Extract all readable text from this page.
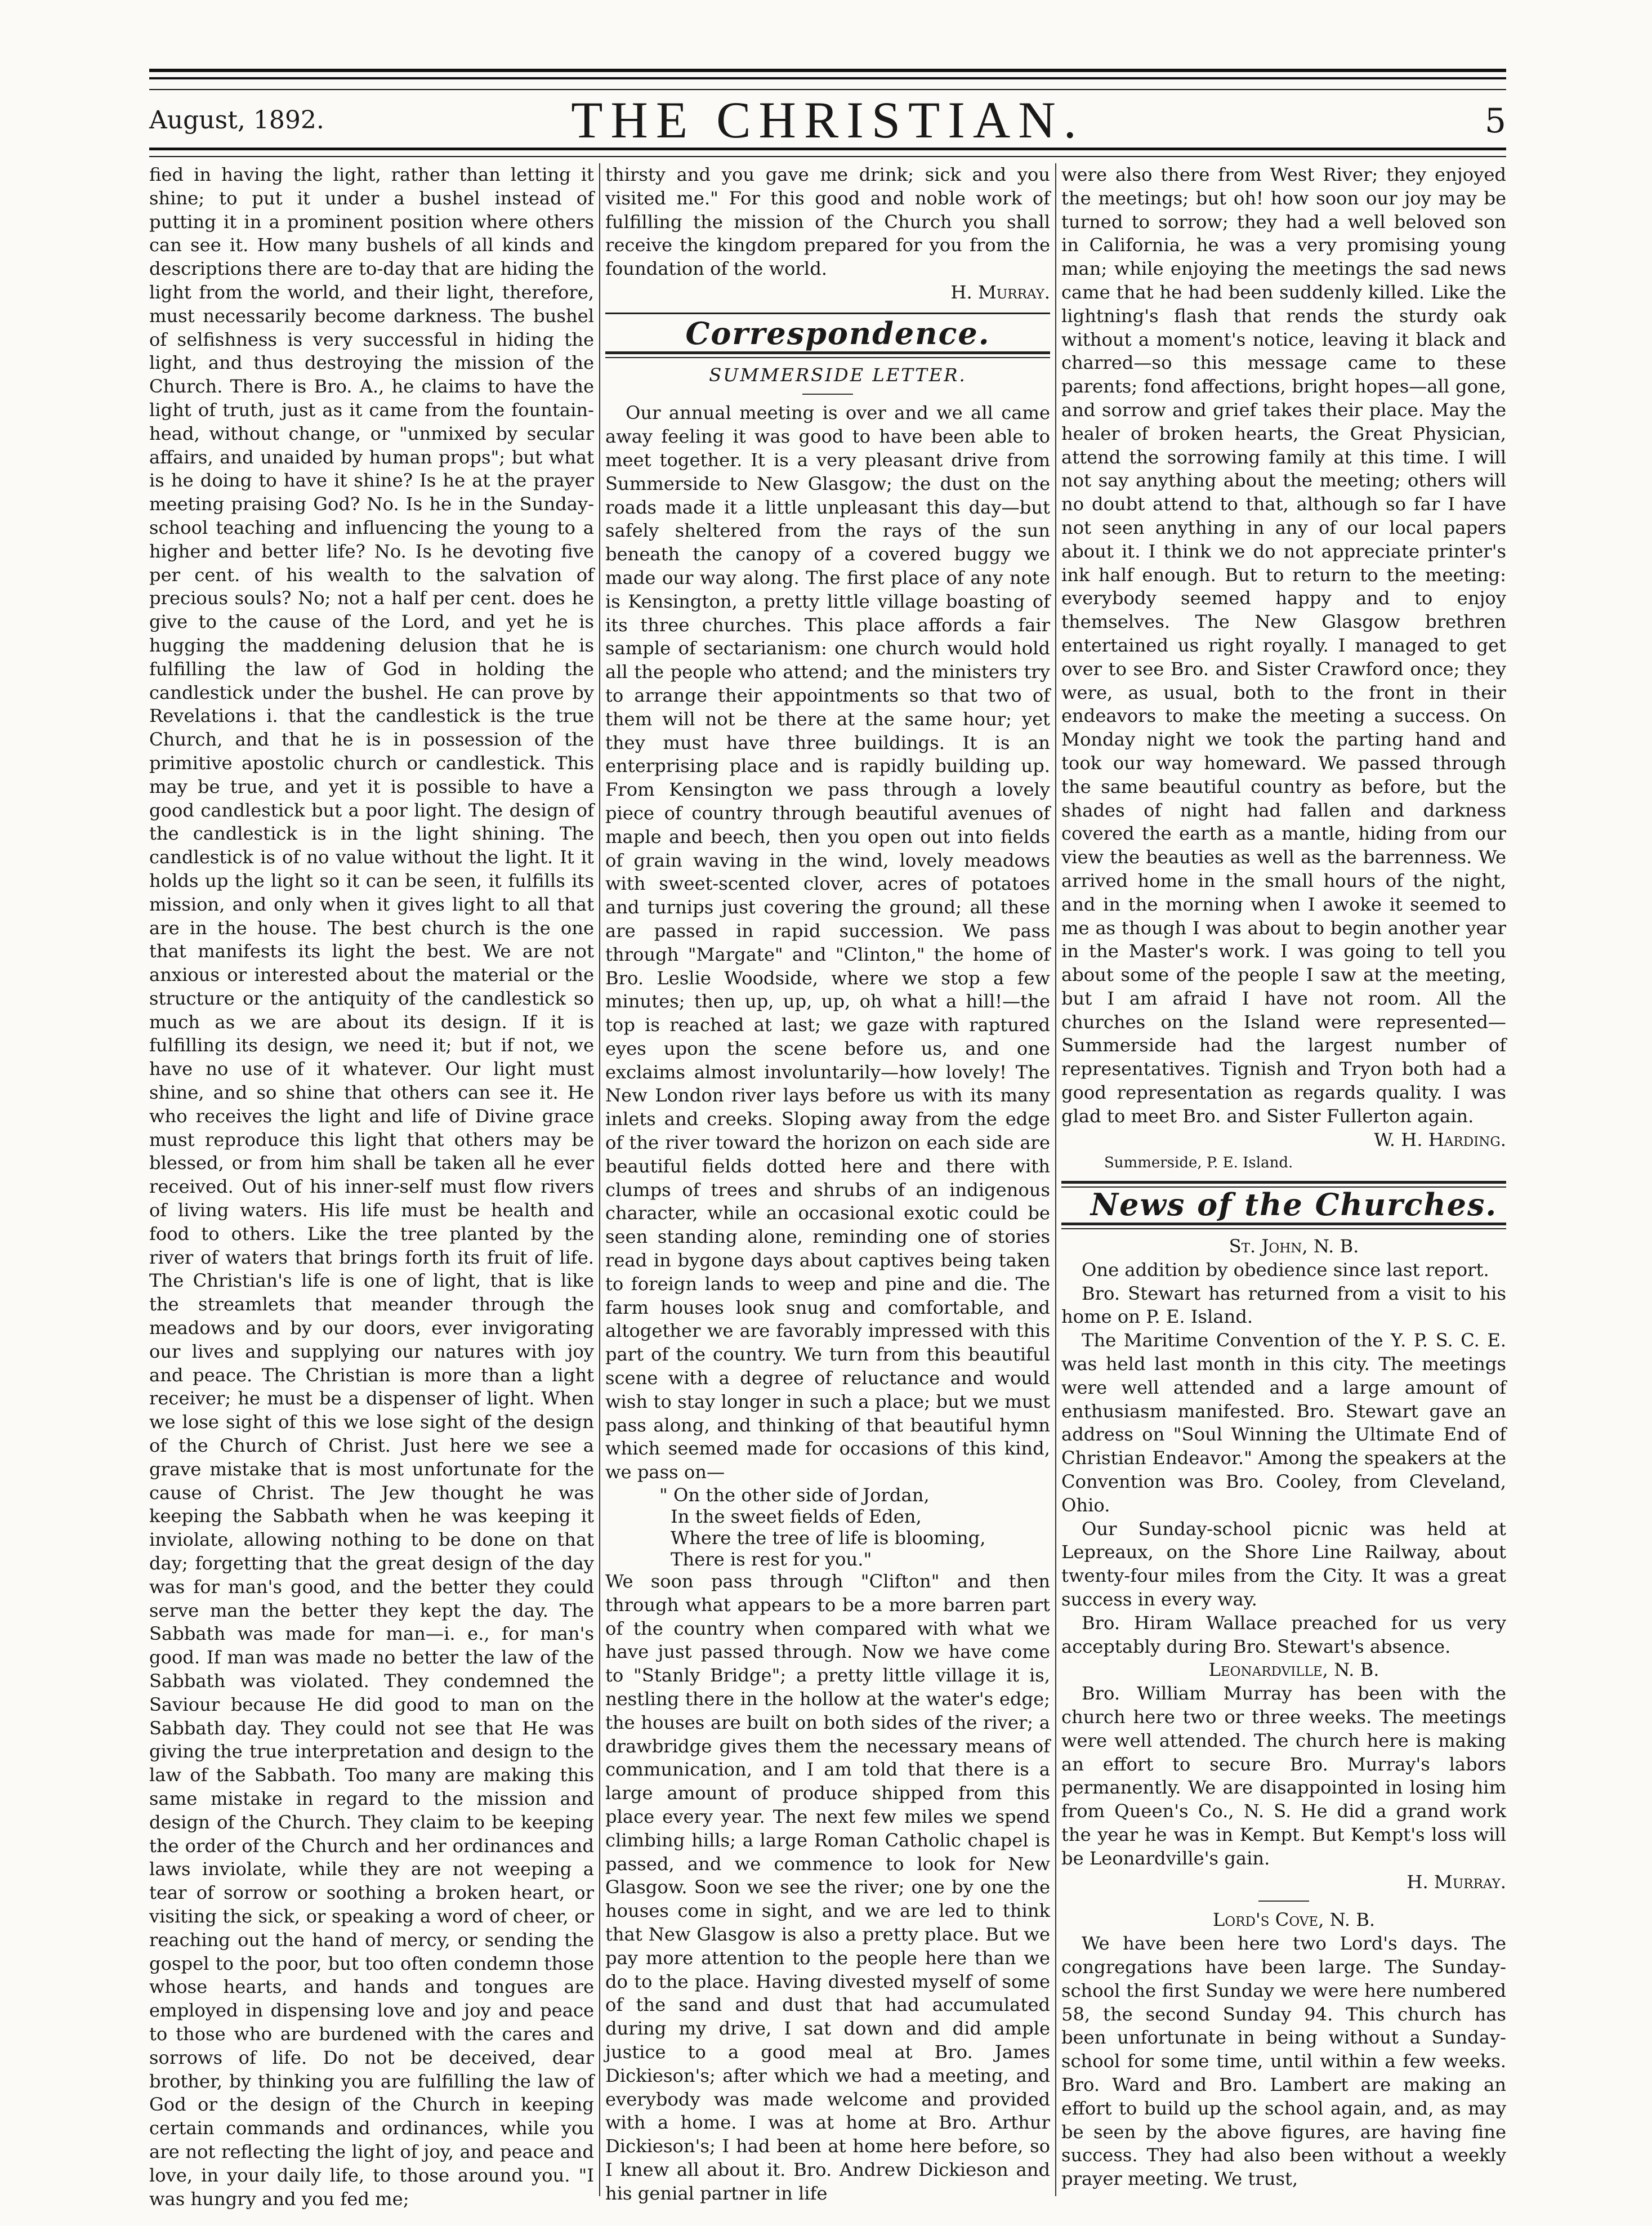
August, 1892.	THE CHRISTIAN.	5

fied in having the light, rather than letting it shine; to put it under a bushel instead of putting it in a prominent position where others can see it. How many bushels of all kinds and descriptions there are to-day that are hiding the light from the world, and their light, therefore, must necessarily become darkness. The bushel of selfishness is very successful in hiding the light, and thus destroying the mission of the Church. There is Bro. A., he claims to have the light of truth, just as it came from the fountain-head, without change, or "unmixed by secular affairs, and unaided by human props"; but what is he doing to have it shine? Is he at the prayer meeting praising God? No. Is he in the Sunday-school teaching and influencing the young to a higher and better life? No. Is he devoting five per cent. of his wealth to the salvation of precious souls? No; not a half per cent. does he give to the cause of the Lord, and yet he is hugging the maddening delusion that he is fulfilling the law of God in holding the candlestick under the bushel. He can prove by Revelations i. that the candlestick is the true Church, and that he is in possession of the primitive apostolic church or candlestick. This may be true, and yet it is possible to have a good candlestick but a poor light. The design of the candlestick is in the light shining. The candlestick is of no value without the light. It it holds up the light so it can be seen, it fulfills its mission, and only when it gives light to all that are in the house. The best church is the one that manifests its light the best. We are not anxious or interested about the material or the structure or the antiquity of the candlestick so much as we are about its design. If it is fulfilling its design, we need it; but if not, we have no use of it whatever. Our light must shine, and so shine that others can see it. He who receives the light and life of Divine grace must reproduce this light that others may be blessed, or from him shall be taken all he ever received. Out of his inner-self must flow rivers of living waters. His life must be health and food to others. Like the tree planted by the river of waters that brings forth its fruit of life. The Christian's life is one of light, that is like the streamlets that meander through the meadows and by our doors, ever invigorating our lives and supplying our natures with joy and peace. The Christian is more than a light receiver; he must be a dispenser of light. When we lose sight of this we lose sight of the design of the Church of Christ. Just here we see a grave mistake that is most unfortunate for the cause of Christ. The Jew thought he was keeping the Sabbath when he was keeping it inviolate, allowing nothing to be done on that day; forgetting that the great design of the day was for man's good, and the better they could serve man the better they kept the day. The Sabbath was made for man—i. e., for man's good. If man was made no better the law of the Sabbath was violated. They condemned the Saviour because He did good to man on the Sabbath day. They could not see that He was giving the true interpretation and design to the law of the Sabbath. Too many are making this same mistake in regard to the mission and design of the Church. They claim to be keeping the order of the Church and her ordinances and laws inviolate, while they are not weeping a tear of sorrow or soothing a broken heart, or visiting the sick, or speaking a word of cheer, or reaching out the hand of mercy, or sending the gospel to the poor, but too often condemn those whose hearts, and hands and tongues are employed in dispensing love and joy and peace to those who are burdened with the cares and sorrows of life. Do not be deceived, dear brother, by thinking you are fulfilling the law of God or the design of the Church in keeping certain commands and ordinances, while you are not reflecting the light of joy, and peace and love, in your daily life, to those around you. "I was hungry and you fed me;

thirsty and you gave me drink; sick and you visited me." For this good and noble work of fulfilling the mission of the Church you shall receive the kingdom prepared for you from the foundation of the world.

H. Murray.

Correspondence.

SUMMERSIDE LETTER.

Our annual meeting is over and we all came away feeling it was good to have been able to meet together. It is a very pleasant drive from Summerside to New Glasgow; the dust on the roads made it a little unpleasant this day—but safely sheltered from the rays of the sun beneath the canopy of a covered buggy we made our way along. The first place of any note is Kensington, a pretty little village boasting of its three churches. This place affords a fair sample of sectarianism: one church would hold all the people who attend; and the ministers try to arrange their appointments so that two of them will not be there at the same hour; yet they must have three buildings. It is an enterprising place and is rapidly building up. From Kensington we pass through a lovely piece of country through beautiful avenues of maple and beech, then you open out into fields of grain waving in the wind, lovely meadows with sweet-scented clover, acres of potatoes and turnips just covering the ground; all these are passed in rapid succession. We pass through "Margate" and "Clinton," the home of Bro. Leslie Woodside, where we stop a few minutes; then up, up, up, oh what a hill!—the top is reached at last; we gaze with raptured eyes upon the scene before us, and one exclaims almost involuntarily—how lovely! The New London river lays before us with its many inlets and creeks. Sloping away from the edge of the river toward the horizon on each side are beautiful fields dotted here and there with clumps of trees and shrubs of an indigenous character, while an occasional exotic could be seen standing alone, reminding one of stories read in bygone days about captives being taken to foreign lands to weep and pine and die. The farm houses look snug and comfortable, and altogether we are favorably impressed with this part of the country. We turn from this beautiful scene with a degree of reluctance and would wish to stay longer in such a place; but we must pass along, and thinking of that beautiful hymn which seemed made for occasions of this kind, we pass on—

" On the other side of Jordan,
In the sweet fields of Eden,
Where the tree of life is blooming,
There is rest for you."

We soon pass through "Clifton" and then through what appears to be a more barren part of the country when compared with what we have just passed through. Now we have come to "Stanly Bridge"; a pretty little village it is, nestling there in the hollow at the water's edge; the houses are built on both sides of the river; a drawbridge gives them the necessary means of communication, and I am told that there is a large amount of produce shipped from this place every year. The next few miles we spend climbing hills; a large Roman Catholic chapel is passed, and we commence to look for New Glasgow. Soon we see the river; one by one the houses come in sight, and we are led to think that New Glasgow is also a pretty place. But we pay more attention to the people here than we do to the place. Having divested myself of some of the sand and dust that had accumulated during my drive, I sat down and did ample justice to a good meal at Bro. James Dickieson's; after which we had a meeting, and everybody was made welcome and provided with a home. I was at home at Bro. Arthur Dickieson's; I had been at home here before, so I knew all about it. Bro. Andrew Dickieson and his genial partner in life

were also there from West River; they enjoyed the meetings; but oh! how soon our joy may be turned to sorrow; they had a well beloved son in California, he was a very promising young man; while enjoying the meetings the sad news came that he had been suddenly killed. Like the lightning's flash that rends the sturdy oak without a moment's notice, leaving it black and charred—so this message came to these parents; fond affections, bright hopes—all gone, and sorrow and grief takes their place. May the healer of broken hearts, the Great Physician, attend the sorrowing family at this time. I will not say anything about the meeting; others will no doubt attend to that, although so far I have not seen anything in any of our local papers about it. I think we do not appreciate printer's ink half enough. But to return to the meeting: everybody seemed happy and to enjoy themselves. The New Glasgow brethren entertained us right royally. I managed to get over to see Bro. and Sister Crawford once; they were, as usual, both to the front in their endeavors to make the meeting a success. On Monday night we took the parting hand and took our way homeward. We passed through the same beautiful country as before, but the shades of night had fallen and darkness covered the earth as a mantle, hiding from our view the beauties as well as the barrenness. We arrived home in the small hours of the night, and in the morning when I awoke it seemed to me as though I was about to begin another year in the Master's work. I was going to tell you about some of the people I saw at the meeting, but I am afraid I have not room. All the churches on the Island were represented—Summerside had the largest number of representatives. Tignish and Tryon both had a good representation as regards quality. I was glad to meet Bro. and Sister Fullerton again.

W. H. Harding.

Summerside, P. E. Island.

News of the Churches.

St. John, N. B.

One addition by obedience since last report.

Bro. Stewart has returned from a visit to his home on P. E. Island.

The Maritime Convention of the Y. P. S. C. E. was held last month in this city. The meetings were well attended and a large amount of enthusiasm manifested. Bro. Stewart gave an address on "Soul Winning the Ultimate End of Christian Endeavor." Among the speakers at the Convention was Bro. Cooley, from Cleveland, Ohio.

Our Sunday-school picnic was held at Lepreaux, on the Shore Line Railway, about twenty-four miles from the City. It was a great success in every way.

Bro. Hiram Wallace preached for us very acceptably during Bro. Stewart's absence.

Leonardville, N. B.

Bro. William Murray has been with the church here two or three weeks. The meetings were well attended. The church here is making an effort to secure Bro. Murray's labors permanently. We are disappointed in losing him from Queen's Co., N. S. He did a grand work the year he was in Kempt. But Kempt's loss will be Leonardville's gain.

H. Murray.

Lord's Cove, N. B.

We have been here two Lord's days. The congregations have been large. The Sunday-school the first Sunday we were here numbered 58, the second Sunday 94. This church has been unfortunate in being without a Sunday-school for some time, until within a few weeks. Bro. Ward and Bro. Lambert are making an effort to build up the school again, and, as may be seen by the above figures, are having fine success. They had also been without a weekly prayer meeting. We trust,
